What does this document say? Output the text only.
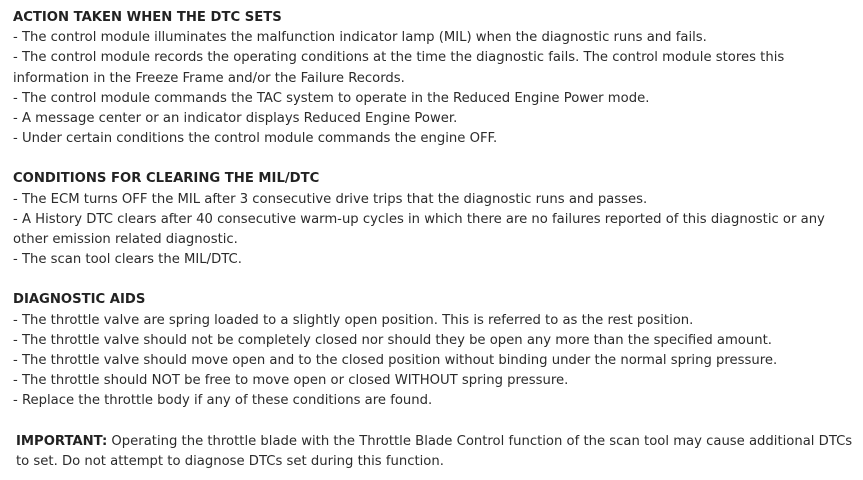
ACTION TAKEN WHEN THE DTC SETS
- The control module illuminates the malfunction indicator lamp (MIL) when the diagnostic runs and fails.
- The control module records the operating conditions at the time the diagnostic fails. The control module stores this information in the Freeze Frame and/or the Failure Records.
- The control module commands the TAC system to operate in the Reduced Engine Power mode.
- A message center or an indicator displays Reduced Engine Power.
- Under certain conditions the control module commands the engine OFF.
CONDITIONS FOR CLEARING THE MIL/DTC
- The ECM turns OFF the MIL after 3 consecutive drive trips that the diagnostic runs and passes.
- A History DTC clears after 40 consecutive warm-up cycles in which there are no failures reported of this diagnostic or any other emission related diagnostic.
- The scan tool clears the MIL/DTC.
DIAGNOSTIC AIDS
- The throttle valve are spring loaded to a slightly open position. This is referred to as the rest position.
- The throttle valve should not be completely closed nor should they be open any more than the specified amount.
- The throttle valve should move open and to the closed position without binding under the normal spring pressure.
- The throttle should NOT be free to move open or closed WITHOUT spring pressure.
- Replace the throttle body if any of these conditions are found.
IMPORTANT: Operating the throttle blade with the Throttle Blade Control function of the scan tool may cause additional DTCs to set. Do not attempt to diagnose DTCs set during this function.
